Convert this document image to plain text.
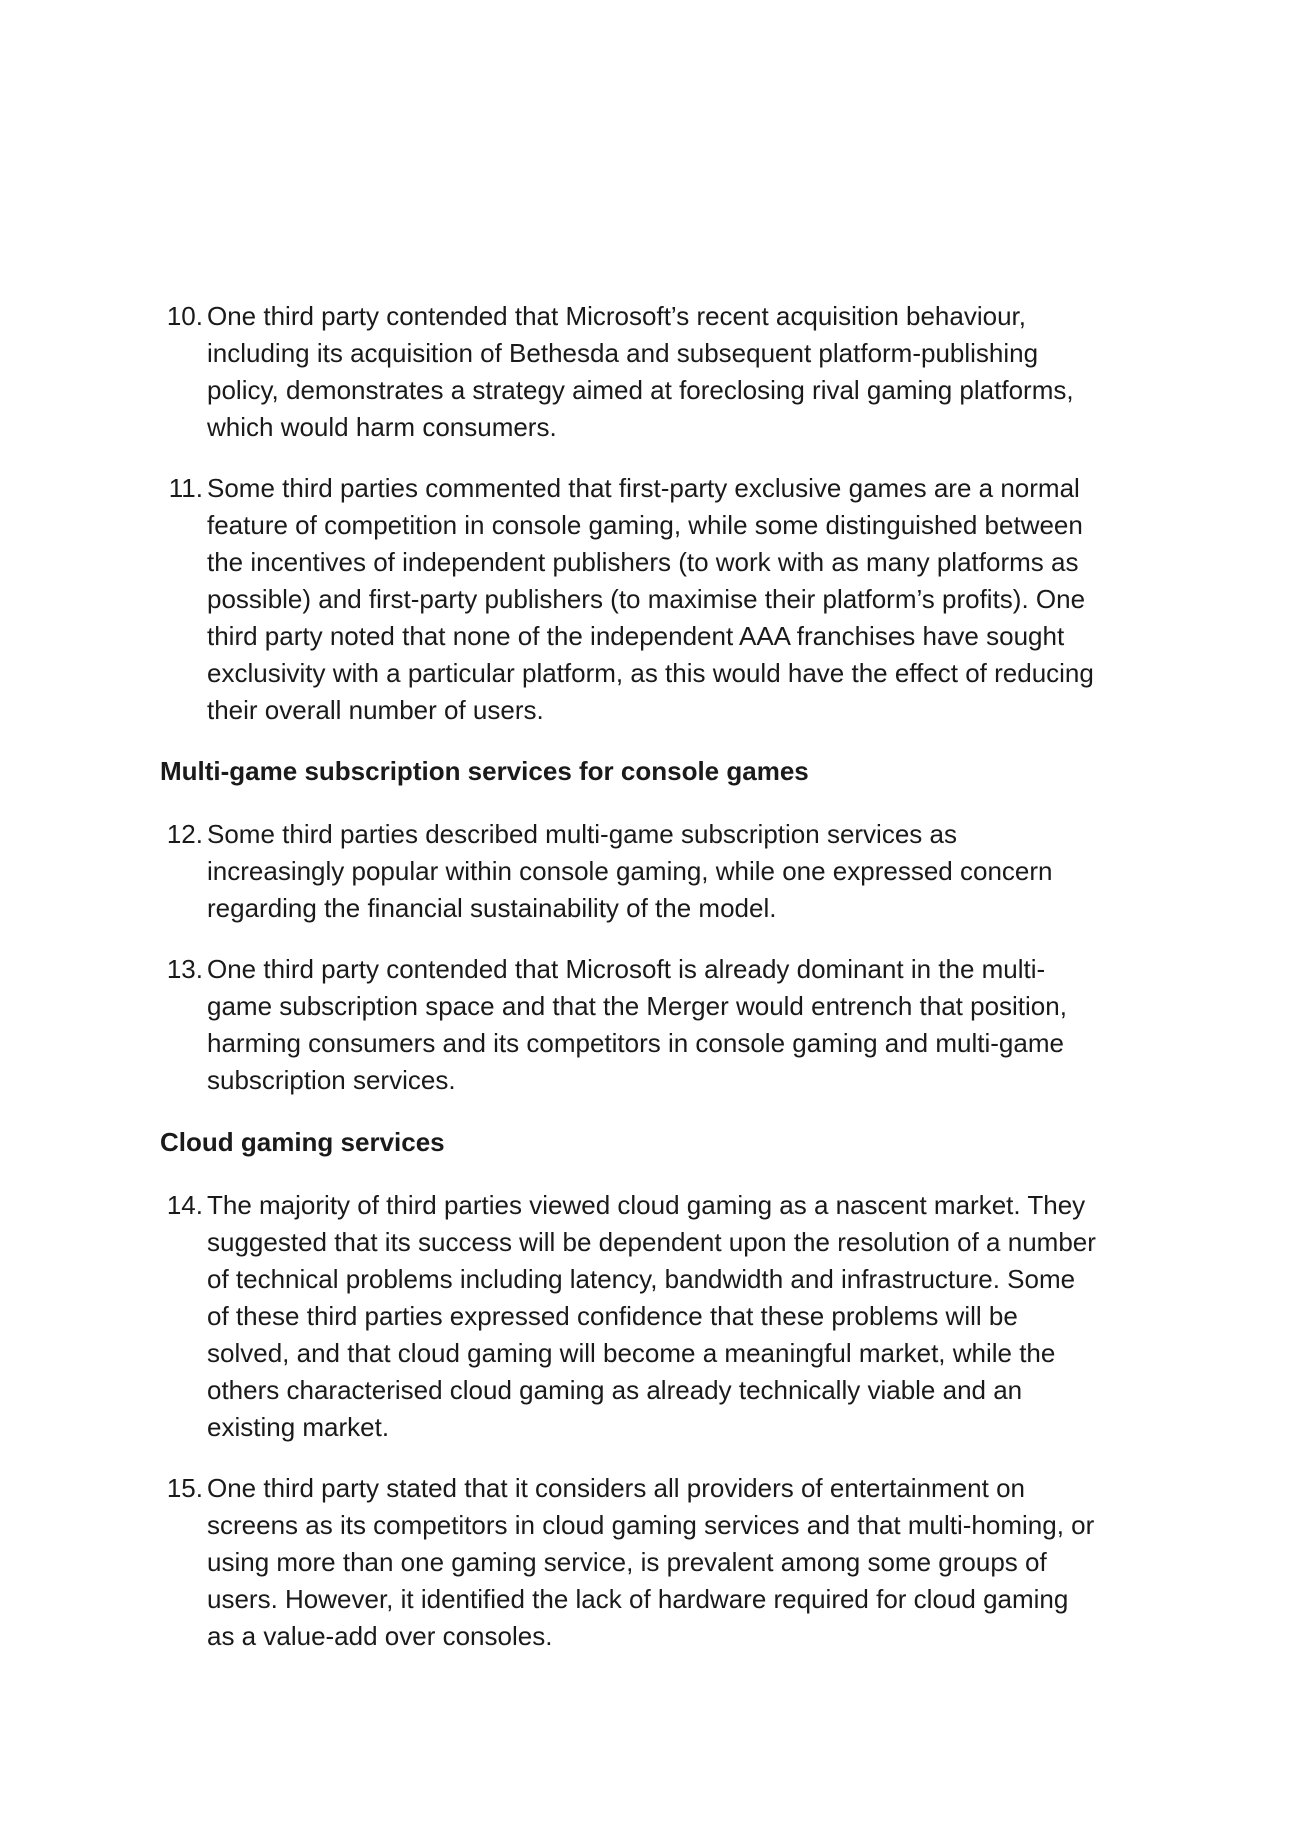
10. One third party contended that Microsoft’s recent acquisition behaviour,
including its acquisition of Bethesda and subsequent platform-publishing
policy, demonstrates a strategy aimed at foreclosing rival gaming platforms,
which would harm consumers.
11. Some third parties commented that first-party exclusive games are a normal
feature of competition in console gaming, while some distinguished between
the incentives of independent publishers (to work with as many platforms as
possible) and first-party publishers (to maximise their platform’s profits). One
third party noted that none of the independent AAA franchises have sought
exclusivity with a particular platform, as this would have the effect of reducing
their overall number of users.
Multi-game subscription services for console games
12. Some third parties described multi-game subscription services as
increasingly popular within console gaming, while one expressed concern
regarding the financial sustainability of the model.
13. One third party contended that Microsoft is already dominant in the multi-
game subscription space and that the Merger would entrench that position,
harming consumers and its competitors in console gaming and multi-game
subscription services.
Cloud gaming services
14. The majority of third parties viewed cloud gaming as a nascent market. They
suggested that its success will be dependent upon the resolution of a number
of technical problems including latency, bandwidth and infrastructure. Some
of these third parties expressed confidence that these problems will be
solved, and that cloud gaming will become a meaningful market, while the
others characterised cloud gaming as already technically viable and an
existing market.
15. One third party stated that it considers all providers of entertainment on
screens as its competitors in cloud gaming services and that multi-homing, or
using more than one gaming service, is prevalent among some groups of
users. However, it identified the lack of hardware required for cloud gaming
as a value-add over consoles.
